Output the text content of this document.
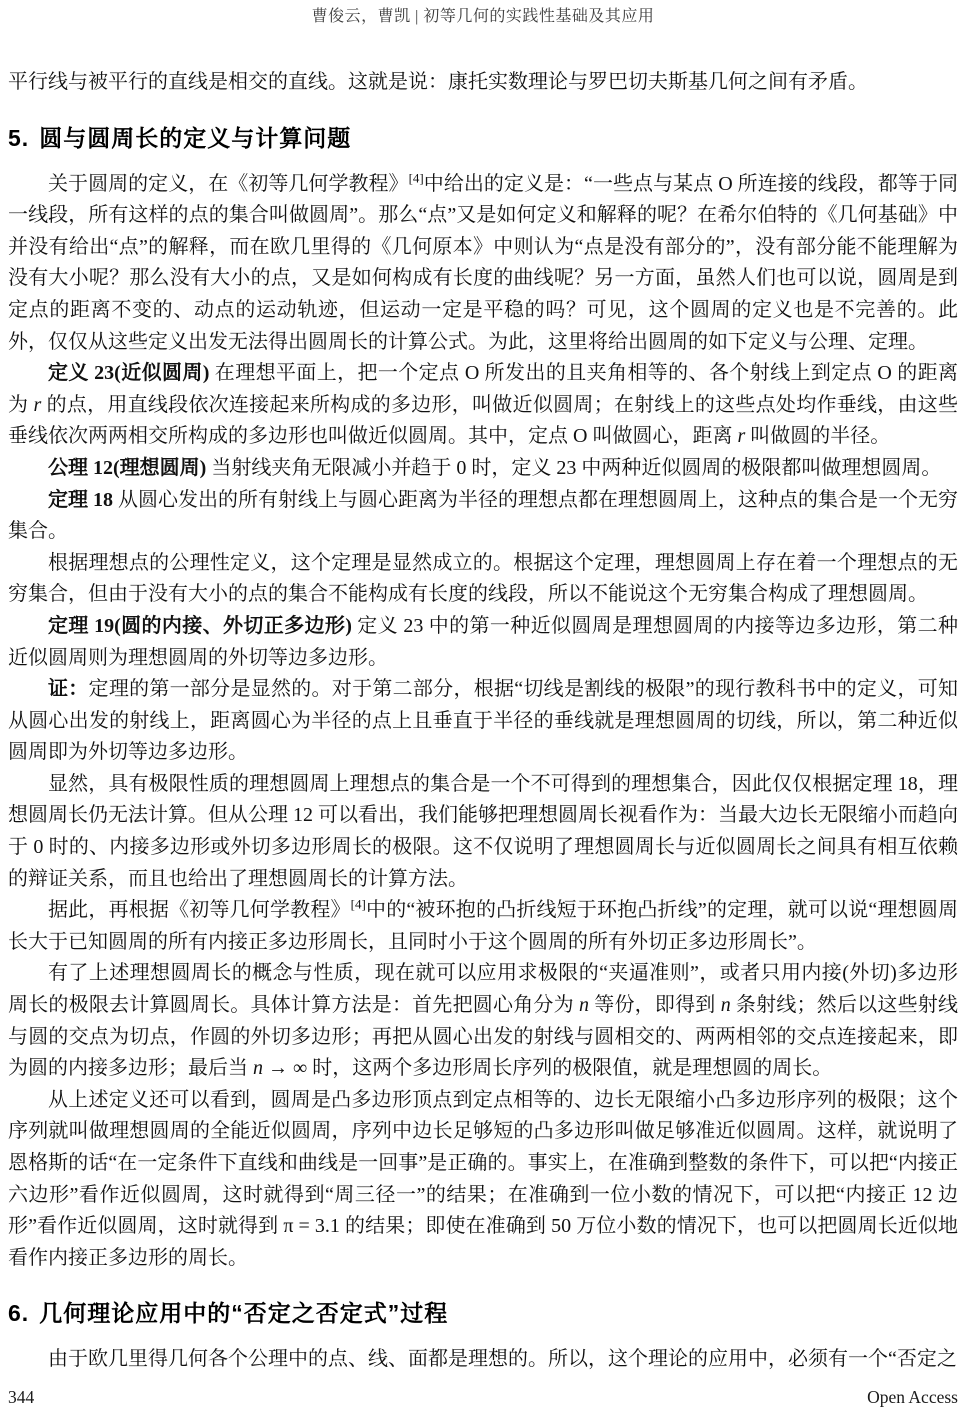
曹俊云，曹凯 | 初等几何的实践性基础及其应用

平行线与被平行的直线是相交的直线。这就是说：康托实数理论与罗巴切夫斯基几何之间有矛盾。

5. 圆与圆周长的定义与计算问题

关于圆周的定义，在《初等几何学教程》[4]中给出的定义是：“一些点与某点 O 所连接的线段，都等于同一线段，所有这样的点的集合叫做圆周”。那么“点”又是如何定义和解释的呢？在希尔伯特的《几何基础》中并没有给出“点”的解释，而在欧几里得的《几何原本》中则认为“点是没有部分的”，没有部分能不能理解为没有大小呢？那么没有大小的点，又是如何构成有长度的曲线呢？另一方面，虽然人们也可以说，圆周是到定点的距离不变的、动点的运动轨迹，但运动一定是平稳的吗？可见，这个圆周的定义也是不完善的。此外，仅仅从这些定义出发无法得出圆周长的计算公式。为此，这里将给出圆周的如下定义与公理、定理。

定义 23(近似圆周) 在理想平面上，把一个定点 O 所发出的且夹角相等的、各个射线上到定点 O 的距离为 r 的点，用直线段依次连接起来所构成的多边形，叫做近似圆周；在射线上的这些点处均作垂线，由这些垂线依次两两相交所构成的多边形也叫做近似圆周。其中，定点 O 叫做圆心，距离 r 叫做圆的半径。

公理 12(理想圆周) 当射线夹角无限减小并趋于 0 时，定义 23 中两种近似圆周的极限都叫做理想圆周。

定理 18 从圆心发出的所有射线上与圆心距离为半径的理想点都在理想圆周上，这种点的集合是一个无穷集合。

根据理想点的公理性定义，这个定理是显然成立的。根据这个定理，理想圆周上存在着一个理想点的无穷集合，但由于没有大小的点的集合不能构成有长度的线段，所以不能说这个无穷集合构成了理想圆周。

定理 19(圆的内接、外切正多边形) 定义 23 中的第一种近似圆周是理想圆周的内接等边多边形，第二种近似圆周则为理想圆周的外切等边多边形。

证：定理的第一部分是显然的。对于第二部分，根据“切线是割线的极限”的现行教科书中的定义，可知从圆心出发的射线上，距离圆心为半径的点上且垂直于半径的垂线就是理想圆周的切线，所以，第二种近似圆周即为外切等边多边形。

显然，具有极限性质的理想圆周上理想点的集合是一个不可得到的理想集合，因此仅仅根据定理 18，理想圆周长仍无法计算。但从公理 12 可以看出，我们能够把理想圆周长视看作为：当最大边长无限缩小而趋向于 0 时的、内接多边形或外切多边形周长的极限。这不仅说明了理想圆周长与近似圆周长之间具有相互依赖的辩证关系，而且也给出了理想圆周长的计算方法。

据此，再根据《初等几何学教程》[4]中的“被环抱的凸折线短于环抱凸折线”的定理，就可以说“理想圆周长大于已知圆周的所有内接正多边形周长，且同时小于这个圆周的所有外切正多边形周长”。

有了上述理想圆周长的概念与性质，现在就可以应用求极限的“夹逼准则”，或者只用内接(外切)多边形周长的极限去计算圆周长。具体计算方法是：首先把圆心角分为 n 等份，即得到 n 条射线；然后以这些射线与圆的交点为切点，作圆的外切多边形；再把从圆心出发的射线与圆相交的、两两相邻的交点连接起来，即为圆的内接多边形；最后当 n → ∞ 时，这两个多边形周长序列的极限值，就是理想圆的周长。

从上述定义还可以看到，圆周是凸多边形顶点到定点相等的、边长无限缩小凸多边形序列的极限；这个序列就叫做理想圆周的全能近似圆周，序列中边长足够短的凸多边形叫做足够准近似圆周。这样，就说明了恩格斯的话“在一定条件下直线和曲线是一回事”是正确的。事实上，在准确到整数的条件下，可以把“内接正六边形”看作近似圆周，这时就得到“周三径一”的结果；在准确到一位小数的情况下，可以把“内接正 12 边形”看作近似圆周，这时就得到 π = 3.1 的结果；即使在准确到 50 万位小数的情况下，也可以把圆周长近似地看作内接正多边形的周长。

6. 几何理论应用中的“否定之否定式”过程

由于欧几里得几何各个公理中的点、线、面都是理想的。所以，这个理论的应用中，必须有一个“否定之

344	Open Access
